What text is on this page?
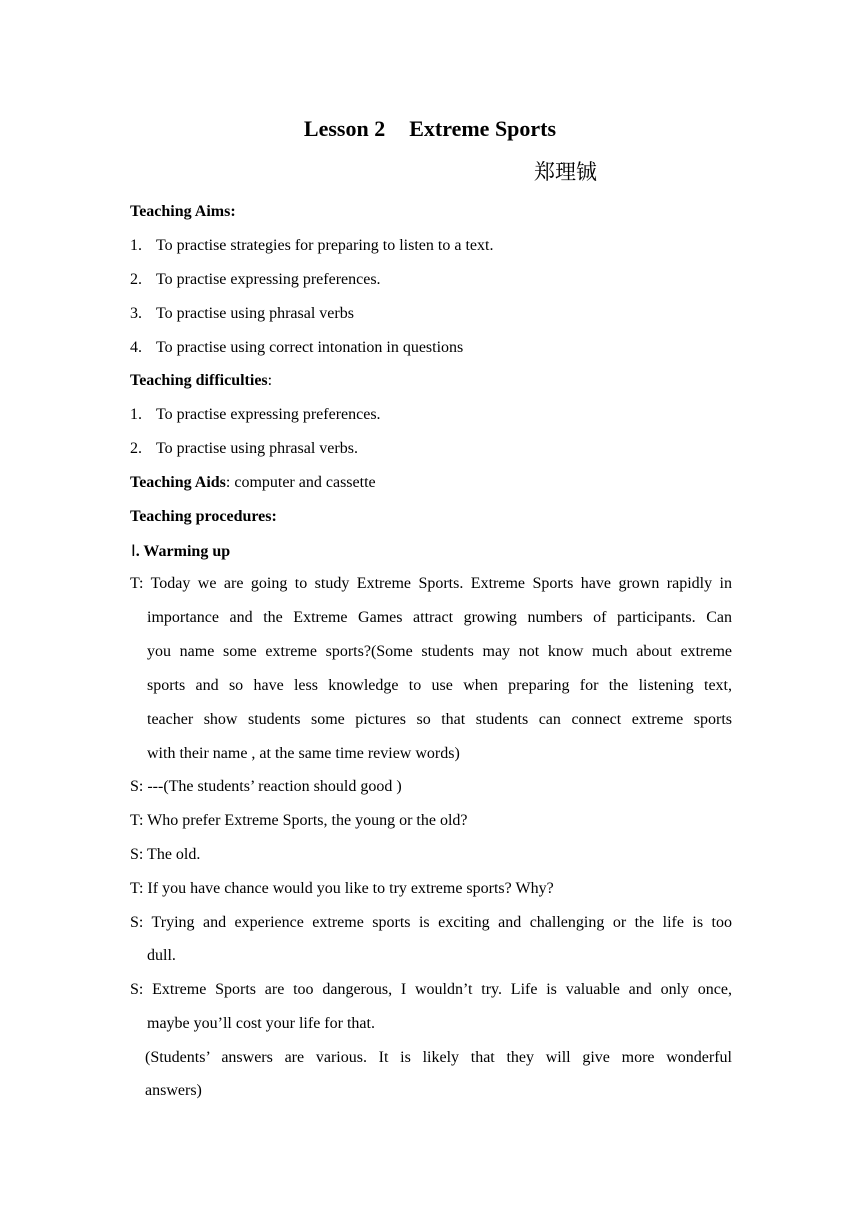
Lesson 2 Extreme Sports
郑理铖
Teaching Aims:
1. To practise strategies for preparing to listen to a text.
2. To practise expressing preferences.
3. To practise using phrasal verbs
4. To practise using correct intonation in questions
Teaching difficulties:
1. To practise expressing preferences.
2. To practise using phrasal verbs.
Teaching Aids: computer and cassette
Teaching procedures:
Ⅰ. Warming up
T: Today we are going to study Extreme Sports. Extreme Sports have grown rapidly in
importance and the Extreme Games attract growing numbers of participants. Can
you name some extreme sports?(Some students may not know much about extreme
sports and so have less knowledge to use when preparing for the listening text,
teacher show students some pictures so that students can connect extreme sports
with their name , at the same time review words)
S: ---(The students’ reaction should good )
T: Who prefer Extreme Sports, the young or the old?
S: The old.
T: If you have chance would you like to try extreme sports? Why?
S: Trying and experience extreme sports is exciting and challenging or the life is too
dull.
S: Extreme Sports are too dangerous, I wouldn’t try. Life is valuable and only once,
maybe you’ll cost your life for that.
(Students’ answers are various. It is likely that they will give more wonderful
answers)
